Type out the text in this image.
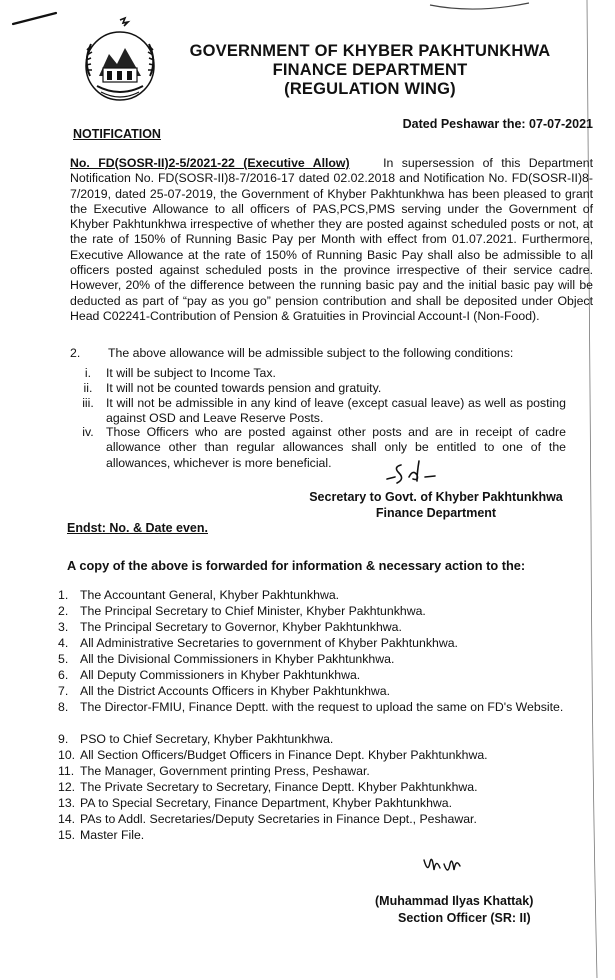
GOVERNMENT OF KHYBER PAKHTUNKHWA
FINANCE DEPARTMENT
(REGULATION WING)
Dated Peshawar the: 07-07-2021
NOTIFICATION
No. FD(SOSR-II)2-5/2021-22 (Executive Allow)	In supersession of this Department Notification No. FD(SOSR-II)8-7/2016-17 dated 02.02.2018 and Notification No. FD(SOSR-II)8-7/2019, dated 25-07-2019, the Government of Khyber Pakhtunkhwa has been pleased to grant the Executive Allowance to all officers of PAS,PCS,PMS serving under the Government of Khyber Pakhtunkhwa irrespective of whether they are posted against scheduled posts or not, at the rate of 150% of Running Basic Pay per Month with effect from 01.07.2021. Furthermore, Executive Allowance at the rate of 150% of Running Basic Pay shall also be admissible to all officers posted against scheduled posts in the province irrespective of their service cadre. However, 20% of the difference between the running basic pay and the initial basic pay will be deducted as part of “pay as you go” pension contribution and shall be deposited under Object Head C02241-Contribution of Pension & Gratuities in Provincial Account-I (Non-Food).
2. The above allowance will be admissible subject to the following conditions:
i.	It will be subject to Income Tax.
ii.	It will not be counted towards pension and gratuity.
iii. It will not be admissible in any kind of leave (except casual leave) as well as posting against OSD and Leave Reserve Posts.
iv.	Those Officers who are posted against other posts and are in receipt of cadre allowance other than regular allowances shall only be entitled to one of the allowances, whichever is more beneficial.
Secretary to Govt. of Khyber Pakhtunkhwa
Finance Department
Endst: No. & Date even.
A copy of the above is forwarded for information & necessary action to the:
1. The Accountant General, Khyber Pakhtunkhwa.
2. The Principal Secretary to Chief Minister, Khyber Pakhtunkhwa.
3. The Principal Secretary to Governor, Khyber Pakhtunkhwa.
4. All Administrative Secretaries to government of Khyber Pakhtunkhwa.
5. All the Divisional Commissioners in Khyber Pakhtunkhwa.
6. All Deputy Commissioners in Khyber Pakhtunkhwa.
7. All the District Accounts Officers in Khyber Pakhtunkhwa.
8. The Director-FMIU, Finance Deptt. with the request to upload the same on FD's Website.
9. PSO to Chief Secretary, Khyber Pakhtunkhwa.
10. All Section Officers/Budget Officers in Finance Dept. Khyber Pakhtunkhwa.
11. The Manager, Government printing Press, Peshawar.
12. The Private Secretary to Secretary, Finance Deptt. Khyber Pakhtunkhwa.
13. PA to Special Secretary, Finance Department, Khyber Pakhtunkhwa.
14. PAs to Addl. Secretaries/Deputy Secretaries in Finance Dept., Peshawar.
15. Master File.
(Muhammad Ilyas Khattak)
Section Officer (SR: II)
